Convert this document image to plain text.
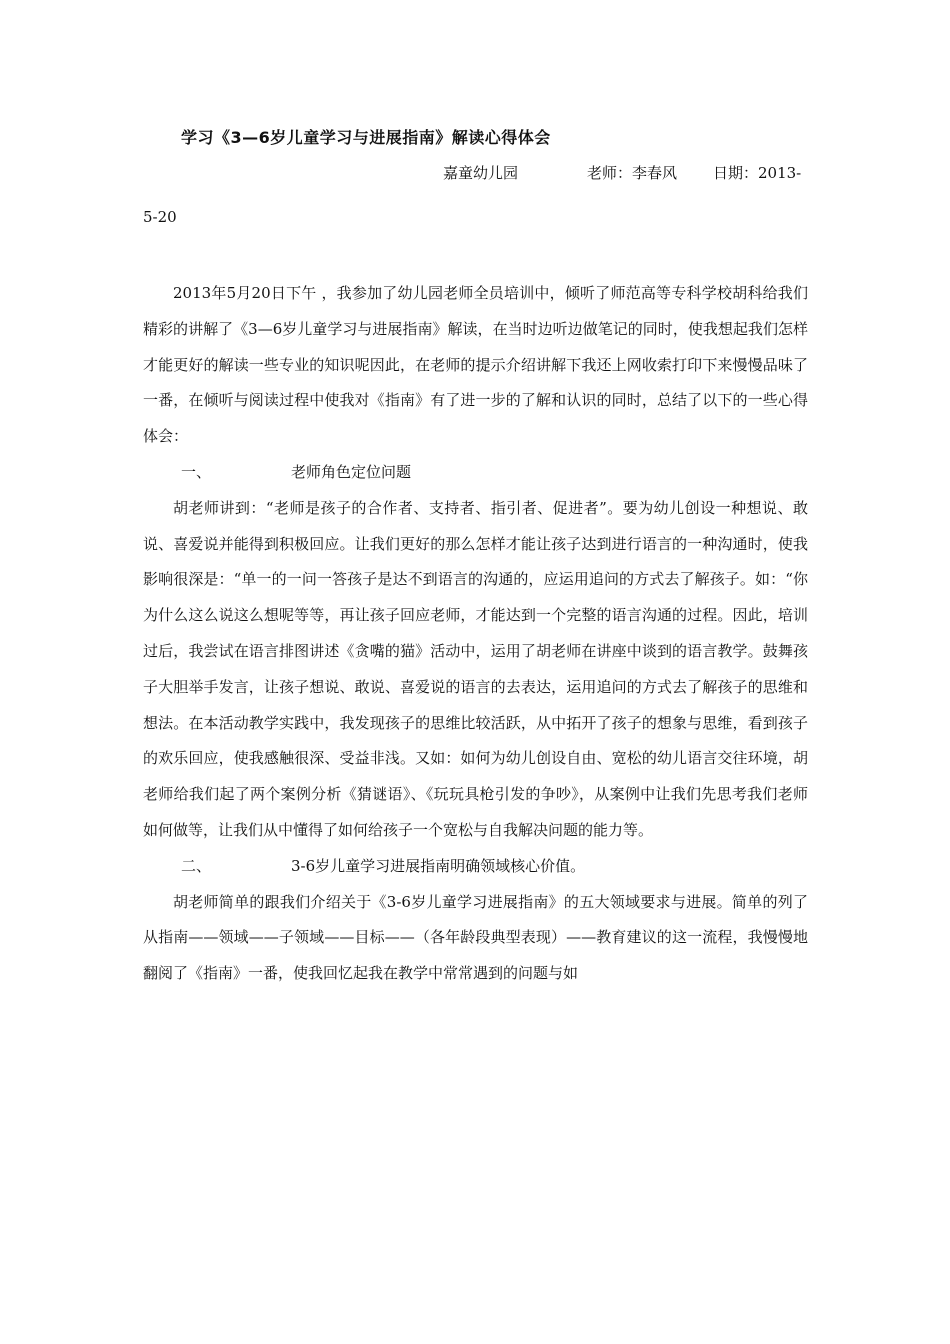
学习《3—6岁儿童学习与进展指南》解读心得体会
嘉童幼儿园	老师：李春风 日期：2013-
5-20

2013年5月20日下午 ，我参加了幼儿园老师全员培训中，倾听了师范高等专科学校胡科给我们精彩的讲解了《3—6岁儿童学习与进展指南》解读，在当时边听边做笔记的同时，使我想起我们怎样才能更好的解读一些专业的知识呢因此，在老师的提示介绍讲解下我还上网收索打印下来慢慢品味了一番，在倾听与阅读过程中使我对《指南》有了进一步的了解和认识的同时，总结了以下的一些心得体会：

一、	老师角色定位问题

胡老师讲到：“老师是孩子的合作者、支持者、指引者、促进者”。要为幼儿创设一种想说、敢说、喜爱说并能得到积极回应。让我们更好的那么怎样才能让孩子达到进行语言的一种沟通时，使我影响很深是：“单一的一问一答孩子是达不到语言的沟通的，应运用追问的方式去了解孩子。如：“你为什么这么说这么想呢等等，再让孩子回应老师，才能达到一个完整的语言沟通的过程。因此，培训过后，我尝试在语言排图讲述《贪嘴的猫》活动中，运用了胡老师在讲座中谈到的语言教学。鼓舞孩子大胆举手发言，让孩子想说、敢说、喜爱说的语言的去表达，运用追问的方式去了解孩子的思维和想法。在本活动教学实践中，我发现孩子的思维比较活跃，从中拓开了孩子的想象与思维，看到孩子的欢乐回应，使我感触很深、受益非浅。又如：如何为幼儿创设自由、宽松的幼儿语言交往环境，胡老师给我们起了两个案例分析《猜谜语》、《玩玩具枪引发的争吵》，从案例中让我们先思考我们老师如何做等，让我们从中懂得了如何给孩子一个宽松与自我解决问题的能力等。

二、	3-6岁儿童学习进展指南明确领域核心价值。

胡老师简单的跟我们介绍关于《3-6岁儿童学习进展指南》的五大领域要求与进展。简单的列了从指南——领域——子领域——目标——（各年龄段典型表现）——教育建议的这一流程，我慢慢地翻阅了《指南》一番，使我回忆起我在教学中常常遇到的问题与如
